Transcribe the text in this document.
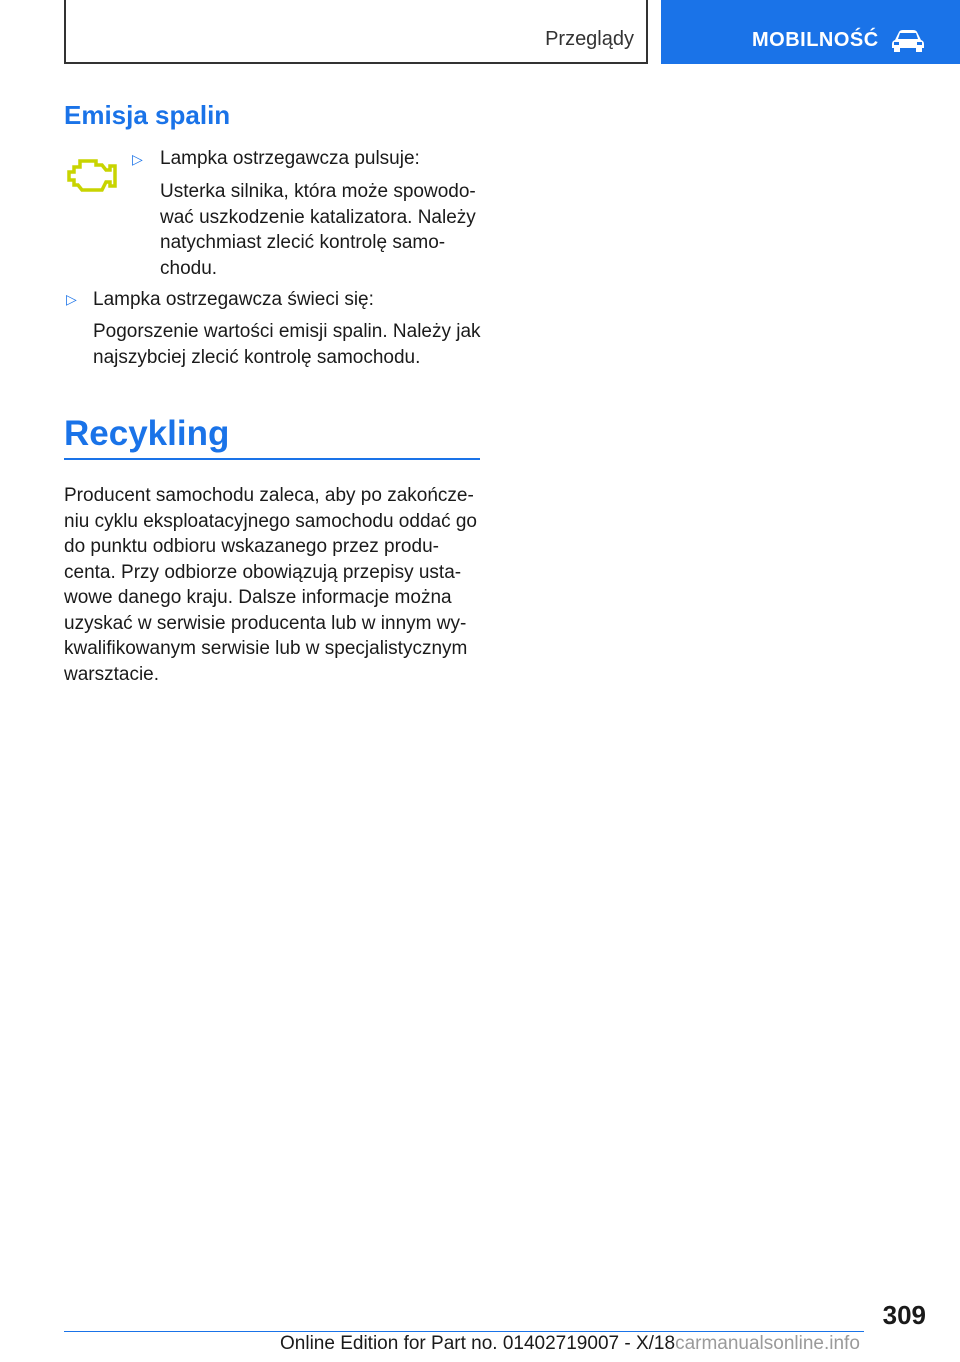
Przeglądy	MOBILNOŚĆ
Emisja spalin
▷ Lampka ostrzegawcza pulsuje:

Usterka silnika, która może spowodo-

wać uszkodzenie katalizatora. Należy

natychmiast zlecić kontrolę samo-

chodu.

▷ Lampka ostrzegawcza świeci się:

Pogorszenie wartości emisji spalin. Należy jak

najszybciej zlecić kontrolę samochodu.

Recykling

Producent samochodu zaleca, aby po zakończe-

niu cyklu eksploatacyjnego samochodu oddać go

do punktu odbioru wskazanego przez produ-

centa. Przy odbiorze obowiązują przepisy usta-

wowe danego kraju. Dalsze informacje można

uzyskać w serwisie producenta lub w innym wy-

kwalifikowanym serwisie lub w specjalistycznym

warsztacie.

309
Online Edition for Part no. 01402719007 - X/18carmanualsonline.info
